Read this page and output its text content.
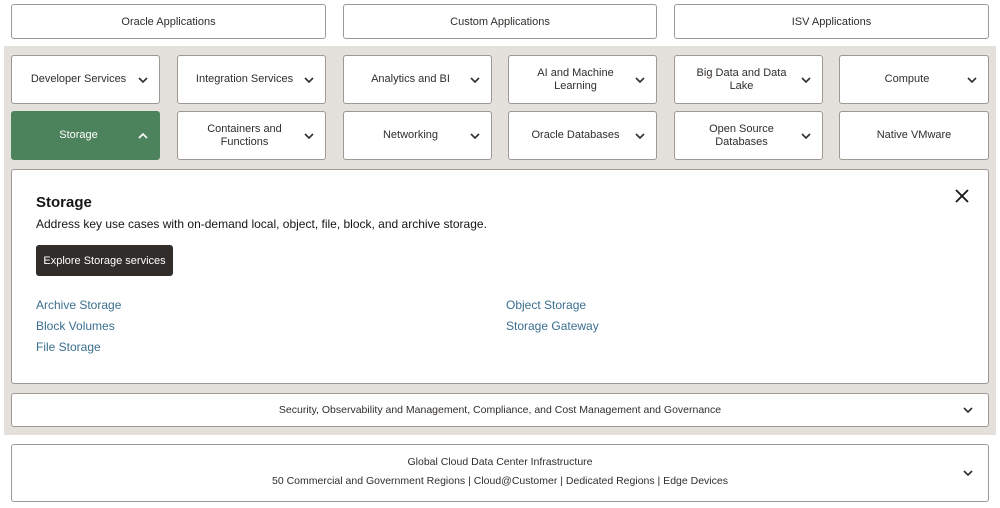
Oracle Applications	Custom Applications	ISV Applications
Developer Services	Integration Services	Analytics and BI
AI and Machine Learning
Big Data and Data Lake
Compute
Storage
Containers and Functions
Networking	Oracle Databases
Open Source Databases
Native VMware
Storage
Address key use cases with on-demand local, object, file, block, and archive storage.
Explore Storage services
Archive Storage
Block Volumes
File Storage
Object Storage
Storage Gateway
Security, Observability and Management, Compliance, and Cost Management and Governance
Global Cloud Data Center Infrastructure
50 Commercial and Government Regions | Cloud@Customer | Dedicated Regions | Edge Devices
